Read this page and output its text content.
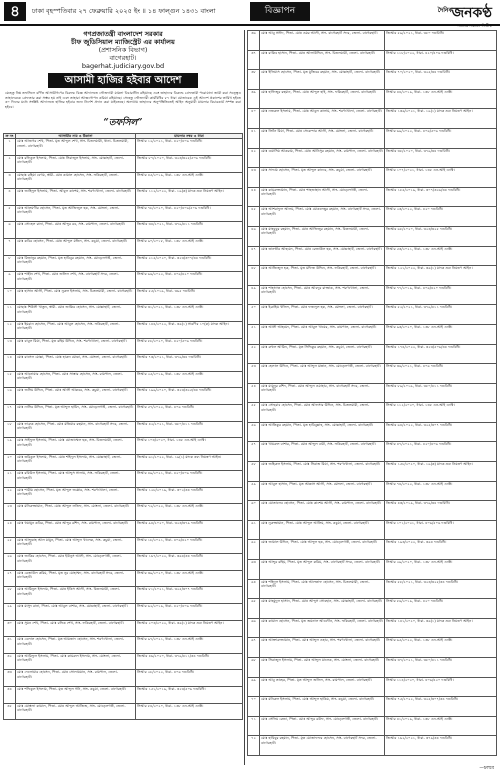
৪	ঢাকা বৃহস্পতিবার ২৭ ফেব্রুয়ারি ২০২৫ ইং ॥ ১৪ ফাল্গুন ১৪৩১ বাংলা	বিজ্ঞাপন	দৈনিক
জনকণ্ঠ
সত্যের সন্ধানে নির্ভীক
গণপ্রজাতন্ত্রী বাংলাদেশ সরকার
চীফ জুডিসিয়াল ম্যাজিস্ট্রেট এর কার্যালয়
(প্রশাসনিক বিভাগ)
বাগেরহাট।
bagerhat.judiciary.gov.bd
আসামী হাজির হইবার আদেশ
যেহেতু নিম্ন তফসিলে বর্ণিত আসামীগণের বিরুদ্ধে বিজ্ঞ আদালতে ফৌজদারী মামলা বিচারাধীন রহিয়াছে এবং তাহাদের বিরুদ্ধে গ্রেফতারী পরোয়ানা জারী করা সত্ত্বেও তাহাদেরকে গ্রেফতার করা সম্ভব হয় নাই এবং তাহারা আত্মগোপন করিয়া রহিয়াছে। সেহেতু ফৌজদারী কার্যবিধির ৮৭ ধারা মোতাবেক এই আদেশ প্রকাশের তারিখ হইতে ৩০ দিনের মধ্যে সংশ্লিষ্ট আদালতে হাজির হইবার জন্য নির্দেশ প্রদান করা যাইতেছে। অন্যথায় তাহাদের অনুপস্থিতিতেই আইন অনুযায়ী মামলার বিচারকার্য সম্পন্ন করা হইবে।
“তফসিল”
ক্র নং	আসামীর নাম ও ঠিকানা	মামলার নম্বর ও ধারা
১	মোঃ আজগর শেখ, পিতা- মৃত আব্দুল শেখ, সাং- চিতলমারী, থানা- চিতলমারী, জেলা- বাগেরহাট।	সিআর ১২/২০২১, ধারা- ৪২০/৪০৬ দণ্ডবিধি।
২	মোঃ রফিকুল ইসলাম, পিতা- মোঃ সিরাজুল ইসলাম, সাং- মোল্লাহাট, জেলা- বাগেরহাট।	জিআর ৮৭/২০২০, ধারা- ৩২৩/৩২৫/৫০৬ দণ্ডবিধি।
৩	মোছাঃ রহিমা বেগম, স্বামী- মোঃ কামাল হোসেন, সাং- ফকিরহাট, জেলা- বাগেরহাট।	সিআর ৪৫/২০১৯, ধারা- ১৩৮ এন.আই এ্যাক্ট।
৪	মোঃ জাহিদুল ইসলাম, পিতা- আবুল কাশেম, সাং- শরণখোলা, জেলা- বাগেরহাট।	জিআর ১১২/২০২২, ধারা- ১৯(ক) মাদক দ্রব্য নিয়ন্ত্রণ আইন।
৫	মোঃ আলমগীর হোসেন, পিতা- মৃত আজিজুল হক, সাং- মোংলা, জেলা- বাগেরহাট।	সিআর ৭৮/২০২০, ধারা- ৪২০/৪০৬/৫০৬ দণ্ডবিধি।
৬	মোঃ সোহেল রানা, পিতা- মোঃ আব্দুর রব, সাং- রামপাল, জেলা- বাগেরহাট।	জিআর ৩৪/২০২১, ধারা- ৩৭৯/৪১১ দণ্ডবিধি।
৭	মোঃ কবির হোসেন, পিতা- মোঃ আব্দুল মজিদ, সাং- কচুয়া, জেলা- বাগেরহাট।	সিআর ৯০/২০১৮, ধারা- ১৩৮ এন.আই এ্যাক্ট।
৮	মোঃ মিজানুর রহমান, পিতা- মৃত হাবিবুর রহমান, সাং- মোড়েলগঞ্জ, জেলা- বাগেরহাট।	জিআর ২১৫/২০২০, ধারা- ৩২৩/৩০৭/৩৪ দণ্ডবিধি।
৯	মোঃ শাহীন শেখ, পিতা- মোঃ জলিল শেখ, সাং- বাগেরহাট সদর, জেলা- বাগেরহাট।	সিআর ৬৬/২০২২, ধারা- ৪০৬/৪২০ দণ্ডবিধি।
১০	মোঃ হাসান আলী, পিতা- মোঃ নুরুল ইসলাম, সাং- চিতলমারী, জেলা- বাগেরহাট।	জিআর ৫৫/২০১৯, ধারা- ৩৬৫ দণ্ডবিধি।
১১	মোছাঃ শিউলী খাতুন, স্বামী- মোঃ জাকির হোসেন, সাং- মোল্লাহাট, জেলা- বাগেরহাট।	সিআর ৩১/২০২১, ধারা- ১৩৮ এন.আই এ্যাক্ট।
১২	মোঃ ইমরান হোসেন, পিতা- মোঃ আবুল হোসেন, সাং- ফকিরহাট, জেলা- বাগেরহাট।	জিআর ১৪৪/২০২২, ধারা- ৩৬(১) সারণির ১০(ক) মাদক আইন।
১৩	মোঃ বাবুল মিয়া, পিতা- মৃত রহিম উদ্দিন, সাং- শরণখোলা, জেলা- বাগেরহাট।	সিআর ৮৮/২০২০, ধারা- ৪২০/৫০৬ দণ্ডবিধি।
১৪	মোঃ রাসেল মোল্লা, পিতা- মোঃ হারুন মোল্লা, সাং- মোংলা, জেলা- বাগেরহাট।	জিআর ৭৩/২০২১, ধারা- ৩৭৯/৩৪ দণ্ডবিধি।
১৫	মোঃ আনোয়ার হোসেন, পিতা- মোঃ সাত্তার হোসেন, সাং- রামপাল, জেলা- বাগেরহাট।	সিআর ২৫/২০১৯, ধারা- ১৩৮ এন.আই এ্যাক্ট।
১৬	মোঃ জসিম উদ্দিন, পিতা- মোঃ আলী আকবর, সাং- কচুয়া, জেলা- বাগেরহাট।	জিআর ১৯৯/২০২০, ধারা- ৩২৩/৩২৫/৩৪ দণ্ডবিধি।
১৭	মোঃ নাসির উদ্দিন, পিতা- মৃত আব্দুল হামিদ, সাং- মোড়েলগঞ্জ, জেলা- বাগেরহাট।	সিআর ৫৭/২০২২, ধারা- ৪০৬ দণ্ডবিধি।
১৮	মোঃ ফারুক হোসেন, পিতা- মোঃ মতিয়ার রহমান, সাং- বাগেরহাট সদর, জেলা- বাগেরহাট।	জিআর ৪২/২০২১, ধারা- ৩৮০/৪১১ দণ্ডবিধি।
১৯	মোঃ সাইফুল ইসলাম, পিতা- মোঃ মোজাম্মেল হক, সাং- চিতলমারী, জেলা- বাগেরহাট।	সিআর ১০৩/২০২০, ধারা- ১৩৮ এন.আই এ্যাক্ট।
২০	মোঃ তরিকুল ইসলাম, পিতা- মোঃ শহিদুল ইসলাম, সাং- মোল্লাহাট, জেলা- বাগেরহাট।	জিআর ৬১/২০২২, ধারা- ১৯(১) মাদক দ্রব্য নিয়ন্ত্রণ আইন।
২১	মোঃ রবিউল ইসলাম, পিতা- মোঃ আব্দুস সালাম, সাং- ফকিরহাট, জেলা- বাগেরহাট।	সিআর ৪৯/২০২১, ধারা- ৪২০/৪০৬ দণ্ডবিধি।
২২	মোঃ শামীম হোসেন, পিতা- মৃত আব্দুল জব্বার, সাং- শরণখোলা, জেলা- বাগেরহাট।	জিআর ১২৮/২০১৯, ধারা- ৩০২/৩৪ দণ্ডবিধি।
২৩	মোঃ মনিরুজ্জামান, পিতা- মোঃ আব্দুল লতিফ, সাং- মোংলা, জেলা- বাগেরহাট।	সিআর ৭২/২০২২, ধারা- ১৩৮ এন.আই এ্যাক্ট।
২৪	মোঃ হুমায়ুন কবির, পিতা- মোঃ আব্দুর রশিদ, সাং- রামপাল, জেলা- বাগেরহাট।	জিআর ৯৪/২০২০, ধারা- ৩২৩/৩৭৯ দণ্ডবিধি।
২৫	মোঃ আব্দুল্লাহ আল মামুন, পিতা- মোঃ আব্দুল খালেক, সাং- কচুয়া, জেলা- বাগেরহাট।	সিআর ১৮/২০২১, ধারা- ৪০৬/৪২০ দণ্ডবিধি।
২৬	মোঃ জাকির হোসেন, পিতা- মোঃ ইউনুস আলী, সাং- মোড়েলগঞ্জ, জেলা- বাগেরহাট।	জিআর ১৬৭/২০২২, ধারা- ৩৬৪/৩৪ দণ্ডবিধি।
২৭	মোঃ রেজাউল করিম, পিতা- মৃত নূর মোহাম্মদ, সাং- বাগেরহাট সদর, জেলা- বাগেরহাট।	সিআর ৩৯/২০২০, ধারা- ১৩৮ এন.আই এ্যাক্ট।
২৮	মোঃ আমিনুল ইসলাম, পিতা- মোঃ ইদ্রিস আলী, সাং- চিতলমারী, জেলা- বাগেরহাট।	জিআর ৮১/২০২১, ধারা- ৩২৫/৩০৭ দণ্ডবিধি।
২৯	মোঃ মাসুদ রানা, পিতা- মোঃ আবুল বাশার, সাং- মোল্লাহাট, জেলা- বাগেরহাট।	সিআর ৬২/২০১৯, ধারা- ৪২০/৪০৬ দণ্ডবিধি।
৩০	মোঃ সুমন শেখ, পিতা- মোঃ রফিক শেখ, সাং- ফকিরহাট, জেলা- বাগেরহাট।	জিআর ২০৩/২০২২, ধারা- ৩৬(১) মাদক দ্রব্য নিয়ন্ত্রণ আইন।
৩১	মোঃ বেলাল হোসেন, পিতা- মৃত আমজাদ হোসেন, সাং- শরণখোলা, জেলা- বাগেরহাট।	সিআর ৯৭/২০২১, ধারা- ১৩৮ এন.আই এ্যাক্ট।
৩২	মোঃ আরিফুল ইসলাম, পিতা- মোঃ কামরুল ইসলাম, সাং- মোংলা, জেলা- বাগেরহাট।	জিআর ৪৬/২০২০, ধারা- ৩৭৯/৪১১/৩৪ দণ্ডবিধি।
৩৩	মোঃ দেলোয়ার হোসেন, পিতা- মোঃ সোলায়মান, সাং- রামপাল, জেলা- বাগেরহাট।	সিআর ২৮/২০২২, ধারা- ৪০৬ দণ্ডবিধি।
৩৪	মোঃ শফিকুল ইসলাম, পিতা- মৃত আব্দুল গনি, সাং- কচুয়া, জেলা- বাগেরহাট।	জিআর ১৫১/২০১৯, ধারা- ৩২৩/৫০৬ দণ্ডবিধি।
৩৫	মোঃ মোস্তফা কামাল, পিতা- মোঃ আব্দুল আজিজ, সাং- মোড়েলগঞ্জ, জেলা- বাগেরহাট।	সিআর ৮৪/২০২০, ধারা- ১৩৮ এন.আই এ্যাক্ট।
৩৬	মোঃ আবু সাঈদ, পিতা- মোঃ ওমর আলী, সাং- বাগেরহাট সদর, জেলা- বাগেরহাট।	জিআর ৫৯/২০২১, ধারা- ৩৮০ দণ্ডবিধি।
৩৭	মোঃ রাকিব হাসান, পিতা- মোঃ আলাউদ্দিন, সাং- চিতলমারী, জেলা- বাগেরহাট।	সিআর ১১৮/২০২২, ধারা- ৪২০/৪০৬ দণ্ডবিধি।
৩৮	মোঃ ইলিয়াস হোসেন, পিতা- মৃত মুজিবর রহমান, সাং- মোল্লাহাট, জেলা- বাগেরহাট।	জিআর ৭০/২০২০, ধারা- ৩২৫/৩৪ দণ্ডবিধি।
৩৯	মোঃ হাফিজুর রহমান, পিতা- মোঃ আব্দুল হাই, সাং- ফকিরহাট, জেলা- বাগেরহাট।	সিআর ৪৪/২০১৯, ধারা- ১৩৮ এন.আই এ্যাক্ট।
৪০	মোঃ নজরুল ইসলাম, পিতা- মোঃ আবুল কালাম, সাং- শরণখোলা, জেলা- বাগেরহাট।	জিআর ১৩৬/২০২১, ধারা- ১৯(১) মাদক দ্রব্য নিয়ন্ত্রণ আইন।
৪১	মোঃ লিটন মিয়া, পিতা- মোঃ সেকেন্দার আলী, সাং- মোংলা, জেলা- বাগেরহাট।	সিআর ৬৯/২০২২, ধারা- ৪০৬/৫০৬ দণ্ডবিধি।
৪২	মোঃ ওয়াসিম আকরাম, পিতা- মোঃ আনিসুর রহমান, সাং- রামপাল, জেলা- বাগেরহাট।	জিআর ৩৮/২০২০, ধারা- ৩৭৯/৩৪ দণ্ডবিধি।
৪৩	মোঃ সাদ্দাম হোসেন, পিতা- মৃত আব্দুল কাদের, সাং- কচুয়া, জেলা- বাগেরহাট।	সিআর ১০৭/২০২১, ধারা- ১৩৮ এন.আই এ্যাক্ট।
৪৪	মোঃ কামরুজ্জামান, পিতা- মোঃ শাহজাহান আলী, সাং- মোড়েলগঞ্জ, জেলা- বাগেরহাট।	জিআর ১৮৫/২০১৯, ধারা- ৩০৭/৩২৬/৩৪ দণ্ডবিধি।
৪৫	মোঃ আশরাফুল আলম, পিতা- মোঃ মোকলেছুর রহমান, সাং- বাগেরহাট সদর, জেলা- বাগেরহাট।	সিআর ২৩/২০২২, ধারা- ৪২০ দণ্ডবিধি।
৪৬	মোঃ মাহবুবুর রহমান, পিতা- মোঃ আজিজুর রহমান, সাং- চিতলমারী, জেলা- বাগেরহাট।	জিআর ৬৮/২০২০, ধারা- ৩২৩/৩২৫ দণ্ডবিধি।
৪৭	মোঃ তানভীর আহমেদ, পিতা- মোঃ রেজাউল হক, সাং- মোল্লাহাট, জেলা- বাগেরহাট।	সিআর ৫৩/২০২১, ধারা- ১৩৮ এন.আই এ্যাক্ট।
৪৮	মোঃ আজিজুল হক, পিতা- মৃত মফিজ উদ্দিন, সাং- ফকিরহাট, জেলা- বাগেরহাট।	জিআর ১২১/২০২২, ধারা- ৩৬(১) মাদক দ্রব্য নিয়ন্ত্রণ আইন।
৪৯	মোঃ শাহাদাত হোসেন, পিতা- মোঃ আবদুর রাজ্জাক, সাং- শরণখোলা, জেলা- বাগেরহাট।	সিআর ৭৭/২০১৯, ধারা- ৪০৬/৪২০ দণ্ডবিধি।
৫০	মোঃ ইব্রাহিম খলিল, পিতা- মোঃ ফজলুল হক, সাং- মোংলা, জেলা- বাগেরহাট।	জিআর ৫২/২০২১, ধারা- ৩৭৯/৪১১ দণ্ডবিধি।
৫১	মোঃ আলী আহমেদ, পিতা- মোঃ আবুল খায়ের, সাং- রামপাল, জেলা- বাগেরহাট।	সিআর ৯৩/২০২০, ধারা- ১৩৮ এন.আই এ্যাক্ট।
৫২	মোঃ রুহুল আমিন, পিতা- মৃত সিদ্দিকুর রহমান, সাং- কচুয়া, জেলা- বাগেরহাট।	জিআর ১৭৪/২০২২, ধারা- ৩২৩/৫০৬/৩৪ দণ্ডবিধি।
৫৩	মোঃ হেলাল উদ্দিন, পিতা- মোঃ আব্দুল মান্নান, সাং- মোড়েলগঞ্জ, জেলা- বাগেরহাট।	সিআর ৩৬/২০২১, ধারা- ৪০৬ দণ্ডবিধি।
৫৪	মোঃ মামুনুর রশিদ, পিতা- মোঃ আব্দুল ওয়াহাব, সাং- বাগেরহাট সদর, জেলা- বাগেরহাট।	জিআর ৮৯/২০১৯, ধারা- ৩৮০/৪১১ দণ্ডবিধি।
৫৫	মোঃ সোহরাব হোসেন, পিতা- মোঃ আফসার উদ্দিন, সাং- চিতলমারী, জেলা- বাগেরহাট।	সিআর ১১২/২০২০, ধারা- ১৩৮ এন.আই এ্যাক্ট।
৫৬	মোঃ আতিকুর রহমান, পিতা- মৃত হাবিবুল্লাহ, সাং- মোল্লাহাট, জেলা- বাগেরহাট।	জিআর ৬৪/২০২২, ধারা- ৩২৫/৩০৭ দণ্ডবিধি।
৫৭	মোঃ খায়রুল বাশার, পিতা- মোঃ আব্দুল বারী, সাং- ফকিরহাট, জেলা- বাগেরহাট।	সিআর ৪৭/২০২১, ধারা- ৪২০/৪০৬ দণ্ডবিধি।
৫৮	মোঃ জহিরুল ইসলাম, পিতা- মোঃ সিরাজ মিয়া, সাং- শরণখোলা, জেলা- বাগেরহাট।	জিআর ১৫৮/২০২০, ধারা- ১৯(ক) মাদক দ্রব্য নিয়ন্ত্রণ আইন।
৫৯	মোঃ আবুল হাসান, পিতা- মৃত আক্কাস আলী, সাং- মোংলা, জেলা- বাগেরহাট।	সিআর ৭৪/২০২২, ধারা- ১৩৮ এন.আই এ্যাক্ট।
৬০	মোঃ মোতালেব হোসেন, পিতা- মোঃ কাশেম আলী, সাং- রামপাল, জেলা- বাগেরহাট।	জিআর ৪৩/২০১৯, ধারা- ৩৭৯/৩৪ দণ্ডবিধি।
৬১	মোঃ নুরুজ্জামান, পিতা- মোঃ আব্দুল আলিম, সাং- কচুয়া, জেলা- বাগেরহাট।	সিআর ১০১/২০২১, ধারা- ৪০৬/৫০৬ দণ্ডবিধি।
৬২	মোঃ জামাল উদ্দিন, পিতা- মোঃ আব্দুল হক, সাং- মোড়েলগঞ্জ, জেলা- বাগেরহাট।	জিআর ১৯৩/২০২২, ধারা- ৩৬৪ দণ্ডবিধি।
৬৩	মোঃ আব্দুর রহিম, পিতা- মৃত আব্দুল করিম, সাং- বাগেরহাট সদর, জেলা- বাগেরহাট।	সিআর ২৯/২০২০, ধারা- ১৩৮ এন.আই এ্যাক্ট।
৬৪	মোঃ শহিদুল ইসলাম, পিতা- মোঃ আলতাফ হোসেন, সাং- চিতলমারী, জেলা- বাগেরহাট।	জিআর ৫৮/২০২১, ধারা- ৩২৩/৩২৫/৩৪ দণ্ডবিধি।
৬৫	মোঃ মাহমুদুল হাসান, পিতা- মোঃ আব্দুস সোবহান, সাং- মোল্লাহাট, জেলা- বাগেরহাট।	সিআর ৮৬/২০১৯, ধারা- ৪২০ দণ্ডবিধি।
৬৬	মোঃ কামাল হোসেন, পিতা- মৃত জয়নাল আবেদীন, সাং- ফকিরহাট, জেলা- বাগেরহাট।	জিআর ১৪১/২০২০, ধারা- ৩৬(১) মাদক দ্রব্য নিয়ন্ত্রণ আইন।
৬৭	মোঃ আক্তারুজ্জামান, পিতা- মোঃ আব্দুল ওহাব, সাং- শরণখোলা, জেলা- বাগেরহাট।	সিআর ৬৫/২০২২, ধারা- ১৩৮ এন.আই এ্যাক্ট।
৬৮	মোঃ সিরাজুল ইসলাম, পিতা- মোঃ আব্দুল মালেক, সাং- মোংলা, জেলা- বাগেরহাট।	জিআর ৩৭/২০২১, ধারা- ৩৮০/৪১১ দণ্ডবিধি।
৬৯	মোঃ আবু তাহের, পিতা- মৃত আব্দুল জলিল, সাং- রামপাল, জেলা- বাগেরহাট।	সিআর ১১৪/২০২০, ধারা- ৪০৬/৪২০ দণ্ডবিধি।
৭০	মোঃ মনিরুল ইসলাম, পিতা- মোঃ আব্দুল হাকিম, সাং- কচুয়া, জেলা- বাগেরহাট।	জিআর ৭৫/২০২২, ধারা- ৩২৫/৩০৭/৩৪ দণ্ডবিধি।
৭১	মোঃ সেলিম রেজা, পিতা- মোঃ আব্দুর রউফ, সাং- মোড়েলগঞ্জ, জেলা- বাগেরহাট।	সিআর ৪১/২০১৯, ধারা- ১৩৮ এন.আই এ্যাক্ট।
৭২	মোঃ হাবিবুর রহমান, পিতা- মৃত মোজাফফর হোসেন, সাং- বাগেরহাট সদর, জেলা- বাগেরহাট।	জিআর ১৬২/২০২১, ধারা- ৩৭৯/৩৪ দণ্ডবিধি।
—চলবে
